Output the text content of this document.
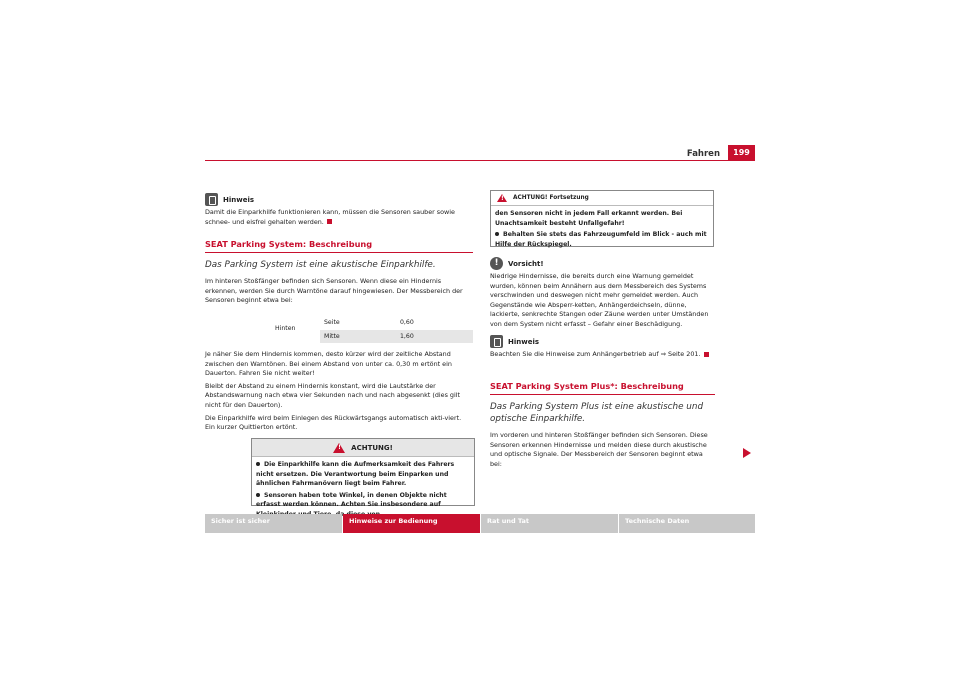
Fahren	199
Hinweis

Damit die Einparkhilfe funktionieren kann, müssen die Sensoren sauber sowie schnee- und eisfrei gehalten werden.

SEAT Parking System: Beschreibung
Das Parking System ist eine akustische Einparkhilfe.

Im hinteren Stoßfänger befinden sich Sensoren. Wenn diese ein Hindernis erkennen, werden Sie durch Warntöne darauf hingewiesen. Der Messbereich der Sensoren beginnt etwa bei:

Hinten
Seite	0,60
Mitte	1,60

Je näher Sie dem Hindernis kommen, desto kürzer wird der zeitliche Abstand zwischen den Warntönen. Bei einem Abstand von unter ca. 0,30 m ertönt ein Dauerton. Fahren Sie nicht weiter!

Bleibt der Abstand zu einem Hindernis konstant, wird die Lautstärke der Abstandswarnung nach etwa vier Sekunden nach und nach abgesenkt (dies gilt nicht für den Dauerton).

Die Einparkhilfe wird beim Einlegen des Rückwärtsgangs automatisch akti-viert. Ein kurzer Quittierton ertönt.

!
ACHTUNG!
Die Einparkhilfe kann die Aufmerksamkeit des Fahrers nicht ersetzen. Die Verantwortung beim Einparken und ähnlichen Fahrmanövern liegt beim Fahrer.
Sensoren haben tote Winkel, in denen Objekte nicht erfasst werden können. Achten Sie insbesondere auf
!
ACHTUNG! Fortsetzung
den Sensoren nicht in jedem Fall erkannt werden. Bei Unachtsamkeit besteht Unfallgefahr!
Behalten Sie stets das Fahrzeugumfeld im Blick - auch mit Hilfe der Rückspiegel.
! Vorsicht!

Niedrige Hindernisse, die bereits durch eine Warnung gemeldet wurden, können beim Annähern aus dem Messbereich des Systems verschwinden und deswegen nicht mehr gemeldet werden. Auch Gegenstände wie Absperr-ketten, Anhängerdeichseln, dünne, lackierte, senkrechte Stangen oder Zäune werden unter Umständen von dem System nicht erfasst – Gefahr einer Beschädigung.

Hinweis

Beachten Sie die Hinweise zum Anhängerbetrieb auf ⇒ Seite 201.

SEAT Parking System Plus*: Beschreibung
Das Parking System Plus ist eine akustische und optische Einparkhilfe.

Im vorderen und hinteren Stoßfänger befinden sich Sensoren. Diese Sensoren erkennen Hindernisse und melden diese durch akustische und optische Signale. Der Messbereich der Sensoren beginnt etwa bei:

Sicher ist sicher	Hinweise zur Bedienung	Rat und Tat	Technische Daten
